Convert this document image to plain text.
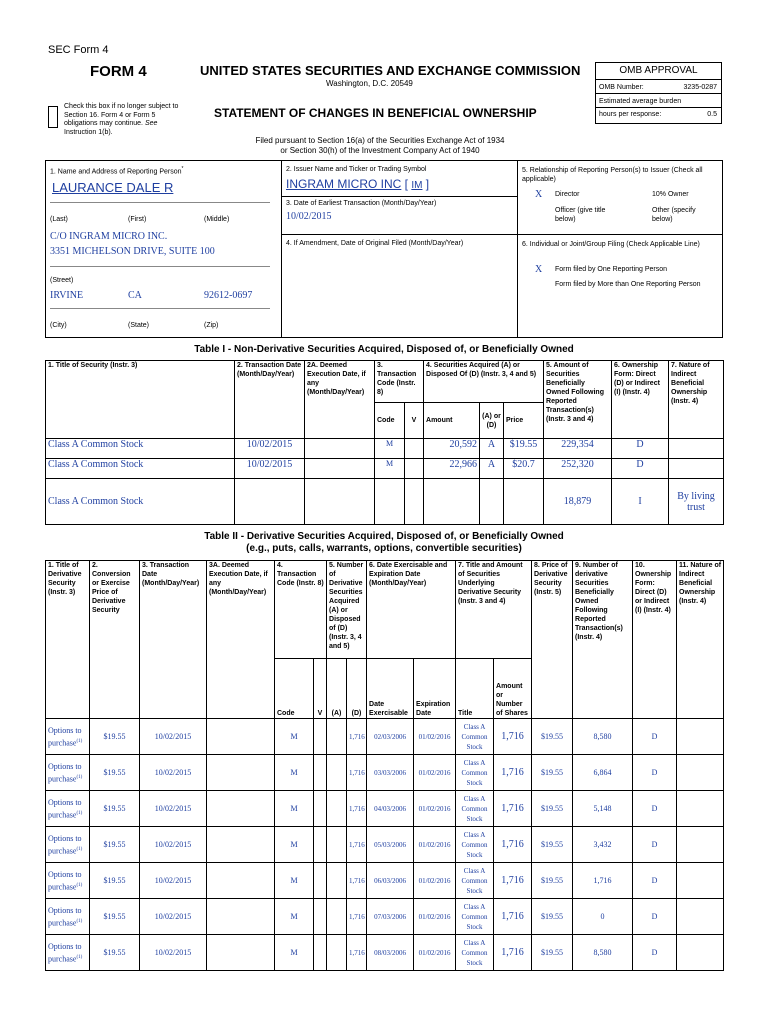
SEC Form 4
FORM 4	UNITED STATES SECURITIES AND EXCHANGE COMMISSION
Washington, D.C. 20549
Check this box if no longer subject to Section 16. Form 4 or Form 5 obligations may continue. See Instruction 1(b).
STATEMENT OF CHANGES IN BENEFICIAL OWNERSHIP
Filed pursuant to Section 16(a) of the Securities Exchange Act of 1934
or Section 30(h) of the Investment Company Act of 1940
OMB APPROVAL
OMB Number:	3235-0287
Estimated average burden
hours per response:	0.5
1. Name and Address of Reporting Person*
LAURANCE DALE R
(Last)	(First)	(Middle)
C/O INGRAM MICRO INC.
3351 MICHELSON DRIVE, SUITE 100
(Street)
IRVINE	CA	92612-0697
(City)	(State)	(Zip)
2. Issuer Name and Ticker or Trading Symbol
INGRAM MICRO INC [ IM ]
3. Date of Earliest Transaction (Month/Day/Year)
10/02/2015
4. If Amendment, Date of Original Filed (Month/Day/Year)
5. Relationship of Reporting Person(s) to Issuer (Check all applicable)
X Director	10% Owner
Officer (give title below)
Other (specify below)
6. Individual or Joint/Group Filing (Check Applicable Line)
X Form filed by One Reporting Person
Form filed by More than One Reporting Person
Table I - Non-Derivative Securities Acquired, Disposed of, or Beneficially Owned
1. Title of Security (Instr. 3)	2. Transaction Date (Month/Day/Year)	2A. Deemed Execution Date, if any (Month/Day/Year)	3. Transaction Code (Instr. 8)		4. Securities Acquired (A) or Disposed Of (D) (Instr. 3, 4 and 5)			5. Amount of Securities Beneficially Owned Following Reported Transaction(s) (Instr. 3 and 4)	6. Ownership Form: Direct (D) or Indirect (I) (Instr. 4)	7. Nature of Indirect Beneficial Ownership (Instr. 4)
			Code	V	Amount	(A) or (D)	Price			
Class A Common Stock	10/02/2015		M		20,592	A	$19.55	229,354	D	
Class A Common Stock	10/02/2015		M		22,966	A	$20.7	252,320	D	
Class A Common Stock								18,879	I	By living trust
Table II - Derivative Securities Acquired, Disposed of, or Beneficially Owned
(e.g., puts, calls, warrants, options, convertible securities)
1. Title of Derivative Security (Instr. 3)	2. Conversion or Exercise Price of Derivative Security	3. Transaction Date (Month/Day/Year)	3A. Deemed Execution Date, if any (Month/Day/Year)	4. Transaction Code (Instr. 8)		5. Number of Derivative Securities Acquired (A) or Disposed of (D) (Instr. 3, 4 and 5)		6. Date Exercisable and Expiration Date (Month/Day/Year)		7. Title and Amount of Securities Underlying Derivative Security (Instr. 3 and 4)		8. Price of Derivative Security (Instr. 5)	9. Number of derivative Securities Beneficially Owned Following Reported Transaction(s) (Instr. 4)	10. Ownership Form: Direct (D) or Indirect (I) (Instr. 4)	11. Nature of Indirect Beneficial Ownership (Instr. 4)
				Code	V	(A)	(D)	Date Exercisable	Expiration Date	Title	Amount or Number of Shares				
Options to purchase$^{(1)}$	$19.55	10/02/2015		M			1,716	02/03/2006	01/02/2016	Class A Common Stock	1,716	$19.55	8,580	D	
Options to purchase$^{(1)}$	$19.55	10/02/2015		M			1,716	03/03/2006	01/02/2016	Class A Common Stock	1,716	$19.55	6,864	D	
Options to purchase$^{(1)}$	$19.55	10/02/2015		M			1,716	04/03/2006	01/02/2016	Class A Common Stock	1,716	$19.55	5,148	D	
Options to purchase$^{(1)}$	$19.55	10/02/2015		M			1,716	05/03/2006	01/02/2016	Class A Common Stock	1,716	$19.55	3,432	D	
Options to purchase$^{(1)}$	$19.55	10/02/2015		M			1,716	06/03/2006	01/02/2016	Class A Common Stock	1,716	$19.55	1,716	D	
Options to purchase$^{(1)}$	$19.55	10/02/2015		M			1,716	07/03/2006	01/02/2016	Class A Common Stock	1,716	$19.55	0	D	
Options to purchase$^{(1)}$	$19.55	10/02/2015		M			1,716	08/03/2006	01/02/2016	Class A Common Stock	1,716	$19.55	8,580	D	
